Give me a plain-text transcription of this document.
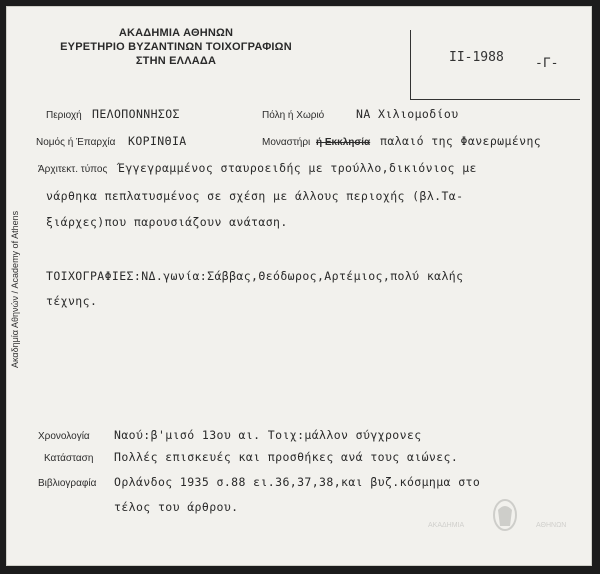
ΑΚΑΔΗΜΙΑ ΑΘΗΝΩΝ
ΕΥΡΕΤΗΡΙΟ ΒΥΖΑΝΤΙΝΩΝ ΤΟΙΧΟΓΡΑΦΙΩΝ
ΣΤΗΝ ΕΛΛΑΔΑ
Ακαδημία Αθηνών / Academy of Athens
II-1988 -Γ-
Περιοχή ΠΕΛΟΠΟΝΝΗΣΟΣ	Πόλη ή Χωριό	ΝΑ Χιλιομοδίου
Νομός ή Έπαρχία ΚΟΡΙΝΘΙΑ	Μοναστήρι ή Εκκλησία παλαιό της Φανερωμένης
Άρχιτεκτ. τύπος Έγγεγραμμένος σταυροειδής με τρούλλο,δικιόνιος με
νάρθηκα πεπλατυσμένος σε σχέση με άλλους περιοχής (βλ.Τα-
ξιάρχες)που παρουσιάζουν ανάταση.
ΤΟΙΧΟΓΡΑΦΙΕΣ:ΝΔ.γωνία:Σάββας,Θεόδωρος,Αρτέμιος,πολύ καλής
τέχνης.
Χρονολογία Ναού:β'μισό 13ου αι. Τοιχ:μάλλον σύγχρονες
Κατάσταση Πολλές επισκευές και προσθήκες ανά τους αιώνες.
Βιβλιογραφία Ορλάνδος 1935 σ.88 ει.36,37,38,και βυζ.κόσμημα στο
τέλος του άρθρου.
ΑΚΑΔΗΜΙΑ	ΑΘΗΝΩΝ
